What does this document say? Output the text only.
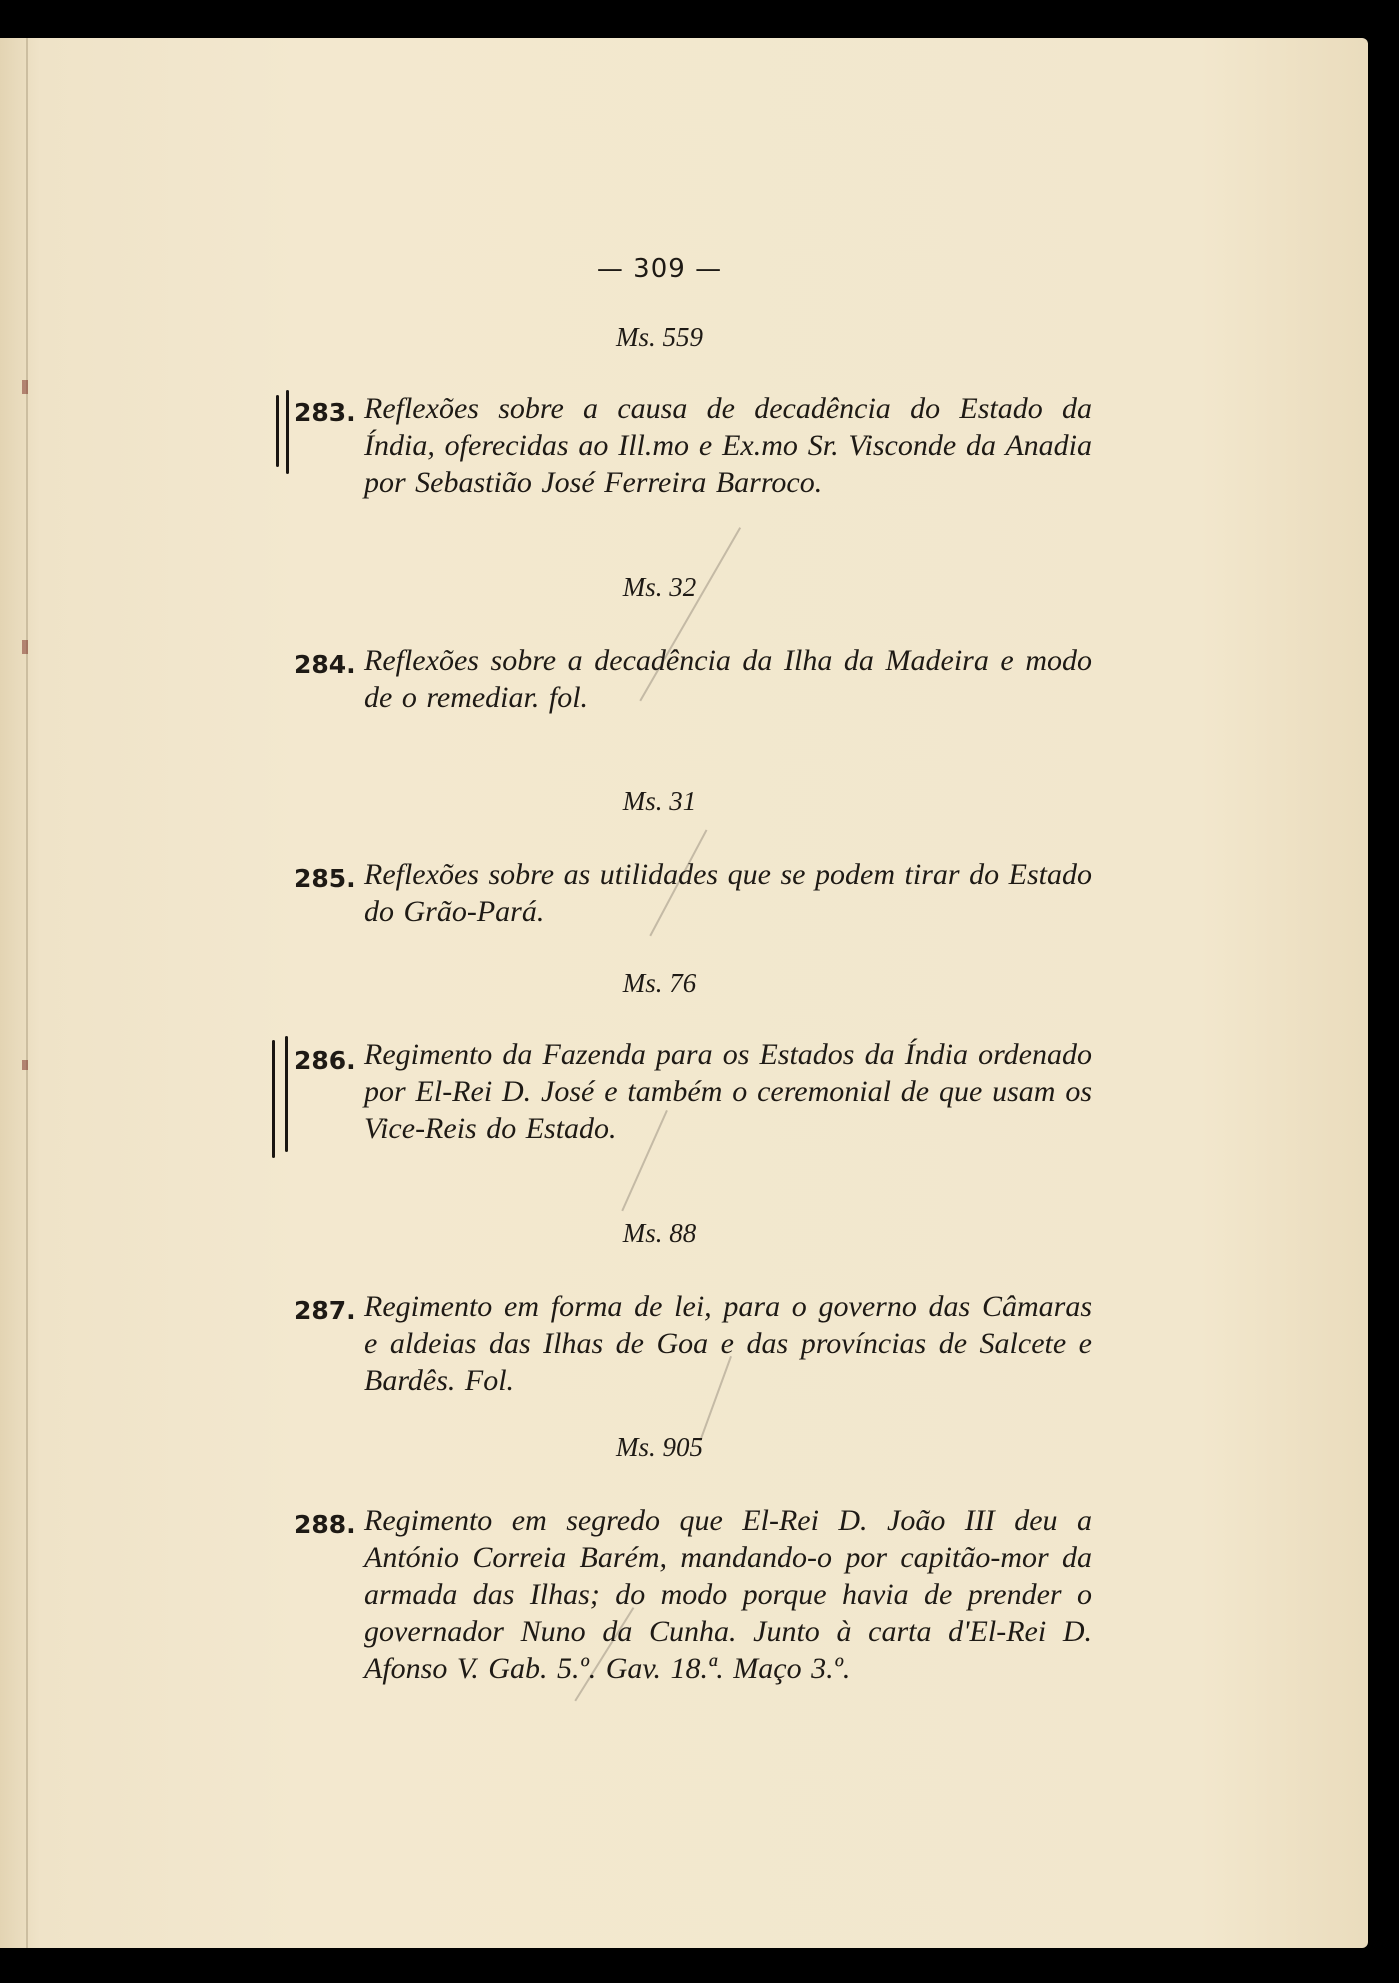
— 309 —
Ms. 559
283. Reflexões sobre a causa de decadência do Estado da Índia, oferecidas ao Ill.mo e Ex.mo Sr. Visconde da Anadia por Sebastião José Ferreira Barroco.
Ms. 32
284. Reflexões sobre a decadência da Ilha da Madeira e modo de o remediar. fol.
Ms. 31
285. Reflexões sobre as utilidades que se podem tirar do Estado do Grão-Pará.
Ms. 76
286. Regimento da Fazenda para os Estados da Índia ordenado por El-Rei D. José e também o ceremonial de que usam os Vice-Reis do Estado.
Ms. 88
287. Regimento em forma de lei, para o governo das Câmaras e aldeias das Ilhas de Goa e das províncias de Salcete e Bardês. Fol.
Ms. 905
288. Regimento em segredo que El-Rei D. João III deu a António Correia Barém, mandando-o por capitão-mor da armada das Ilhas; do modo porque havia de prender o governador Nuno da Cunha. Junto à carta d'El-Rei D. Afonso V. Gab. 5.º. Gav. 18.ª. Maço 3.º.
